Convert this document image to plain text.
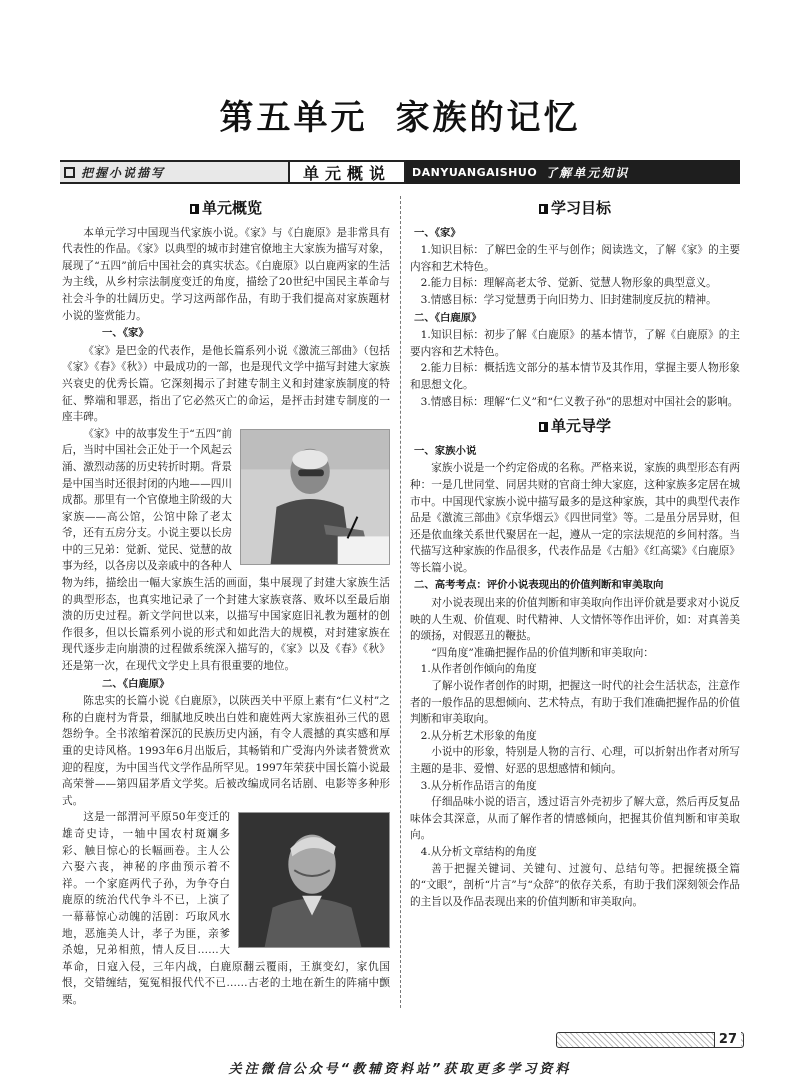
第五单元 家族的记忆
把握小说描写	单元概说	DANYUANGAISHUO 了解单元知识
单元概览

本单元学习中国现当代家族小说。《家》与《白鹿原》是非常具有代表性的作品。《家》以典型的城市封建官僚地主大家族为描写对象，展现了“五四”前后中国社会的真实状态。《白鹿原》以白鹿两家的生活为主线，从乡村宗法制度变迁的角度，描绘了20世纪中国民主革命与社会斗争的壮阔历史。学习这两部作品，有助于我们提高对家族题材小说的鉴赏能力。

一、《家》

《家》是巴金的代表作，是他长篇系列小说《激流三部曲》（包括《家》《春》《秋》）中最成功的一部，也是现代文学中描写封建大家族兴衰史的优秀长篇。它深刻揭示了封建专制主义和封建家族制度的特征、弊端和罪恶，指出了它必然灭亡的命运，是抨击封建专制度的一座丰碑。

《家》中的故事发生于“五四”前后，当时中国社会正处于一个风起云涌、激烈动荡的历史转折时期。背景是中国当时还很封闭的内地——四川成都。那里有一个官僚地主阶级的大家族——高公馆，公馆中除了老太爷，还有五房分支。小说主要以长房中的三兄弟：觉新、觉民、觉慧的故事为经，以各房以及亲戚中的各种人物为纬，描绘出一幅大家族生活的画面，集中展现了封建大家族生活的典型形态，也真实地记录了一个封建大家族衰落、败坏以至最后崩溃的历史过程。新文学问世以来，以描写中国家庭旧礼教为题材的创作很多，但以长篇系列小说的形式和如此浩大的规模，对封建家族在现代逐步走向崩溃的过程做系统深入描写的，《家》以及《春》《秋》还是第一次，在现代文学史上具有很重要的地位。

二、《白鹿原》

陈忠实的长篇小说《白鹿原》，以陕西关中平原上素有“仁义村”之称的白鹿村为背景，细腻地反映出白姓和鹿姓两大家族祖孙三代的恩怨纷争。全书浓缩着深沉的民族历史内涵，有令人震撼的真实感和厚重的史诗风格。1993年6月出版后，其畅销和广受海内外读者赞赏欢迎的程度，为中国当代文学作品所罕见。1997年荣获中国长篇小说最高荣誉——第四届茅盾文学奖。后被改编成同名话剧、电影等多种形式。

这是一部渭河平原50年变迁的雄奇史诗，一轴中国农村斑斓多彩、触目惊心的长幅画卷。主人公六娶六丧，神秘的序曲预示着不祥。一个家庭两代子孙，为争夺白鹿原的统治代代争斗不已，上演了一幕幕惊心动魄的活剧：巧取风水地，恶施美人计，孝子为匪，亲爹杀媳，兄弟相煎，情人反目……大革命，日寇入侵，三年内战，白鹿原翻云覆雨，王旗变幻，家仇国恨，交错缠结，冤冤相报代代不已……古老的土地在新生的阵痛中颤栗。

学习目标
一、《家》

1.知识目标：了解巴金的生平与创作；阅读选文，了解《家》的主要内容和艺术特色。

2.能力目标：理解高老太爷、觉新、觉慧人物形象的典型意义。

3.情感目标：学习觉慧勇于向旧势力、旧封建制度反抗的精神。

二、《白鹿原》

1.知识目标：初步了解《白鹿原》的基本情节，了解《白鹿原》的主要内容和艺术特色。

2.能力目标：概括选文部分的基本情节及其作用，掌握主要人物形象和思想文化。

3.情感目标：理解“仁义”和“仁义教子孙”的思想对中国社会的影响。

单元导学
一、家族小说

家族小说是一个约定俗成的名称。严格来说，家族的典型形态有两种：一是几世同堂、同居共财的官商士绅大家庭，这种家族多定居在城市中。中国现代家族小说中描写最多的是这种家族，其中的典型代表作品是《激流三部曲》《京华烟云》《四世同堂》等。二是虽分居异财，但还是依血缘关系世代聚居在一起，遵从一定的宗法规范的乡间村落。当代描写这种家族的作品很多，代表作品是《古船》《红高粱》《白鹿原》等长篇小说。

二、高考考点：评价小说表现出的价值判断和审美取向

对小说表现出来的价值判断和审美取向作出评价就是要求对小说反映的人生观、价值观、时代精神、人文情怀等作出评价，如：对真善美的颂扬，对假恶丑的鞭挞。

“四角度”准确把握作品的价值判断和审美取向：

1.从作者创作倾向的角度

了解小说作者创作的时期，把握这一时代的社会生活状态，注意作者的一般作品的思想倾向、艺术特点，有助于我们准确把握作品的价值判断和审美取向。

2.从分析艺术形象的角度

小说中的形象，特别是人物的言行、心理，可以折射出作者对所写主题的是非、爱憎、好恶的思想感情和倾向。

3.从分析作品语言的角度

仔细品味小说的语言，透过语言外壳初步了解大意，然后再反复品味体会其深意，从而了解作者的情感倾向，把握其价值判断和审美取向。

4.从分析文章结构的角度

善于把握关键词、关键句、过渡句、总结句等。把握统摄全篇的“文眼”，剖析“片言”与“众辞”的依存关系，有助于我们深刻领会作品的主旨以及作品表现出来的价值判断和审美取向。

27
关注微信公众号“教辅资料站”获取更多学习资料
